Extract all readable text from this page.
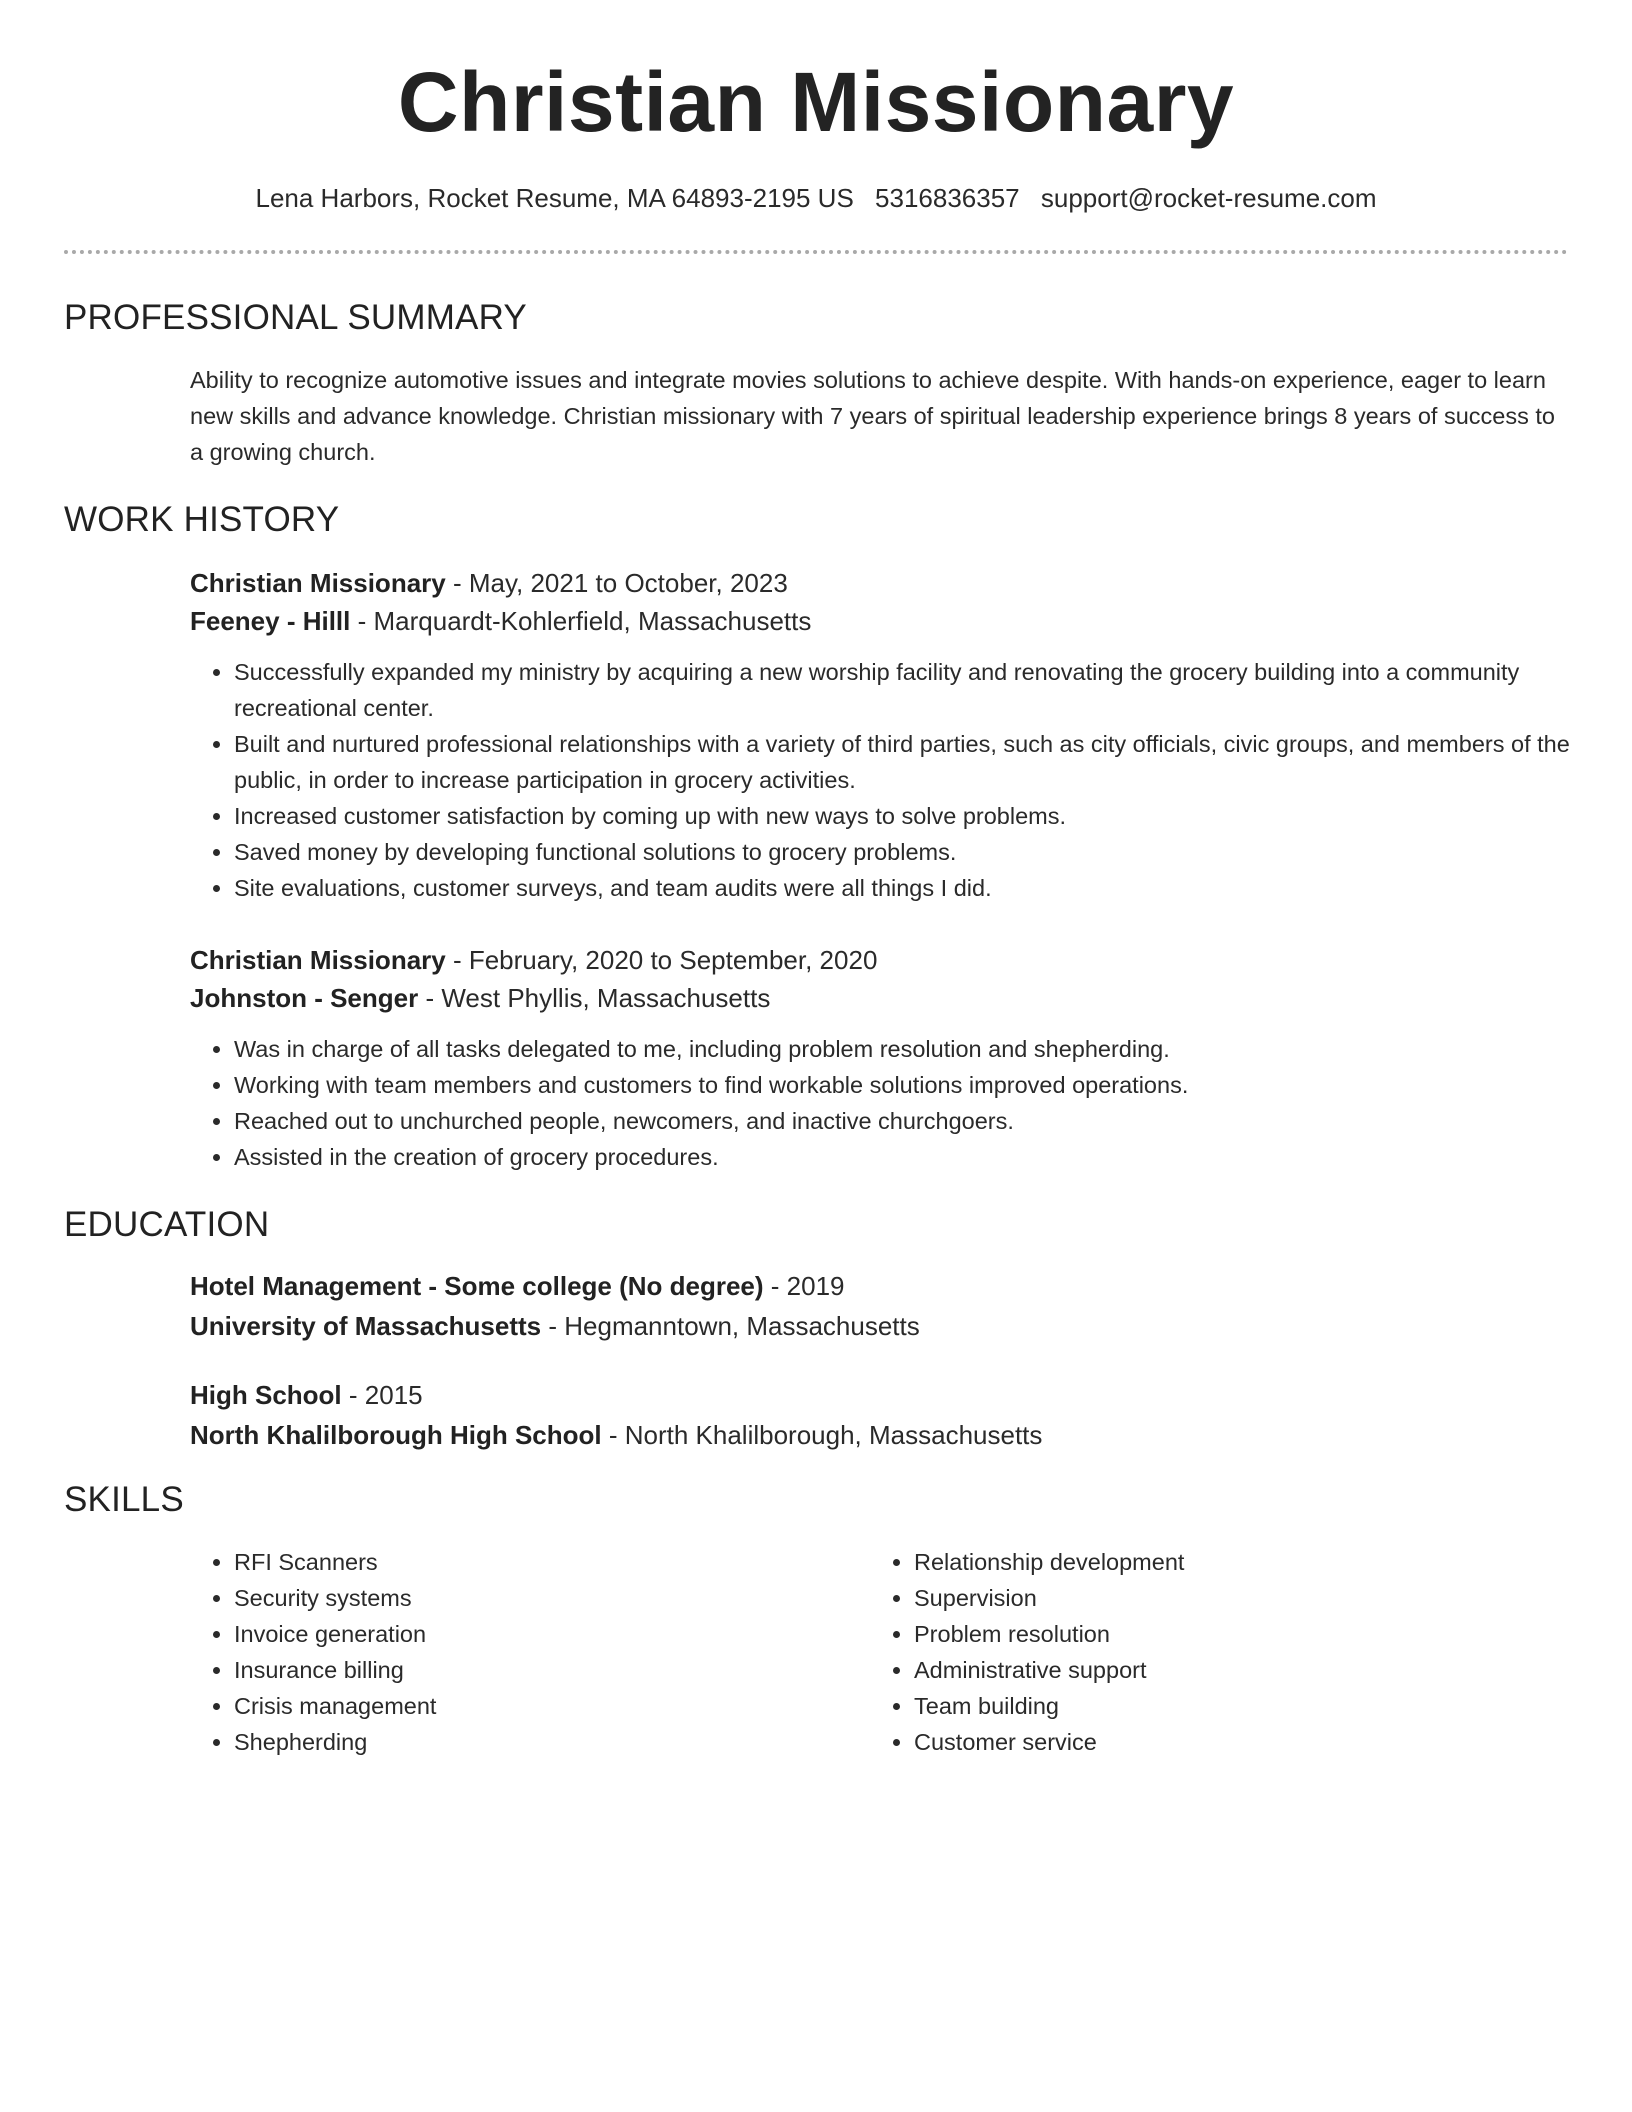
Christian Missionary
Lena Harbors, Rocket Resume, MA 64893-2195 US 5316836357 support@rocket-resume.com
PROFESSIONAL SUMMARY

Ability to recognize automotive issues and integrate movies solutions to achieve despite. With hands-on experience, eager to learn new skills and advance knowledge. Christian missionary with 7 years of spiritual leadership experience brings 8 years of success to a growing church.

WORK HISTORY
Christian Missionary - May, 2021 to October, 2023
Feeney - Hilll - Marquardt-Kohlerfield, Massachusetts
• Successfully expanded my ministry by acquiring a new worship facility and renovating the grocery building into a community recreational center.
• Built and nurtured professional relationships with a variety of third parties, such as city officials, civic groups, and members of the public, in order to increase participation in grocery activities.
• Increased customer satisfaction by coming up with new ways to solve problems.
• Saved money by developing functional solutions to grocery problems.
• Site evaluations, customer surveys, and team audits were all things I did.
Christian Missionary - February, 2020 to September, 2020
Johnston - Senger - West Phyllis, Massachusetts
• Was in charge of all tasks delegated to me, including problem resolution and shepherding.
• Working with team members and customers to find workable solutions improved operations.
• Reached out to unchurched people, newcomers, and inactive churchgoers.
• Assisted in the creation of grocery procedures.
EDUCATION
Hotel Management - Some college (No degree) - 2019
University of Massachusetts - Hegmanntown, Massachusetts
High School - 2015
North Khalilborough High School - North Khalilborough, Massachusetts
SKILLS
• RFI Scanners
• Security systems
• Invoice generation
• Insurance billing
• Crisis management
• Shepherding
• Relationship development
• Supervision
• Problem resolution
• Administrative support
• Team building
• Customer service
